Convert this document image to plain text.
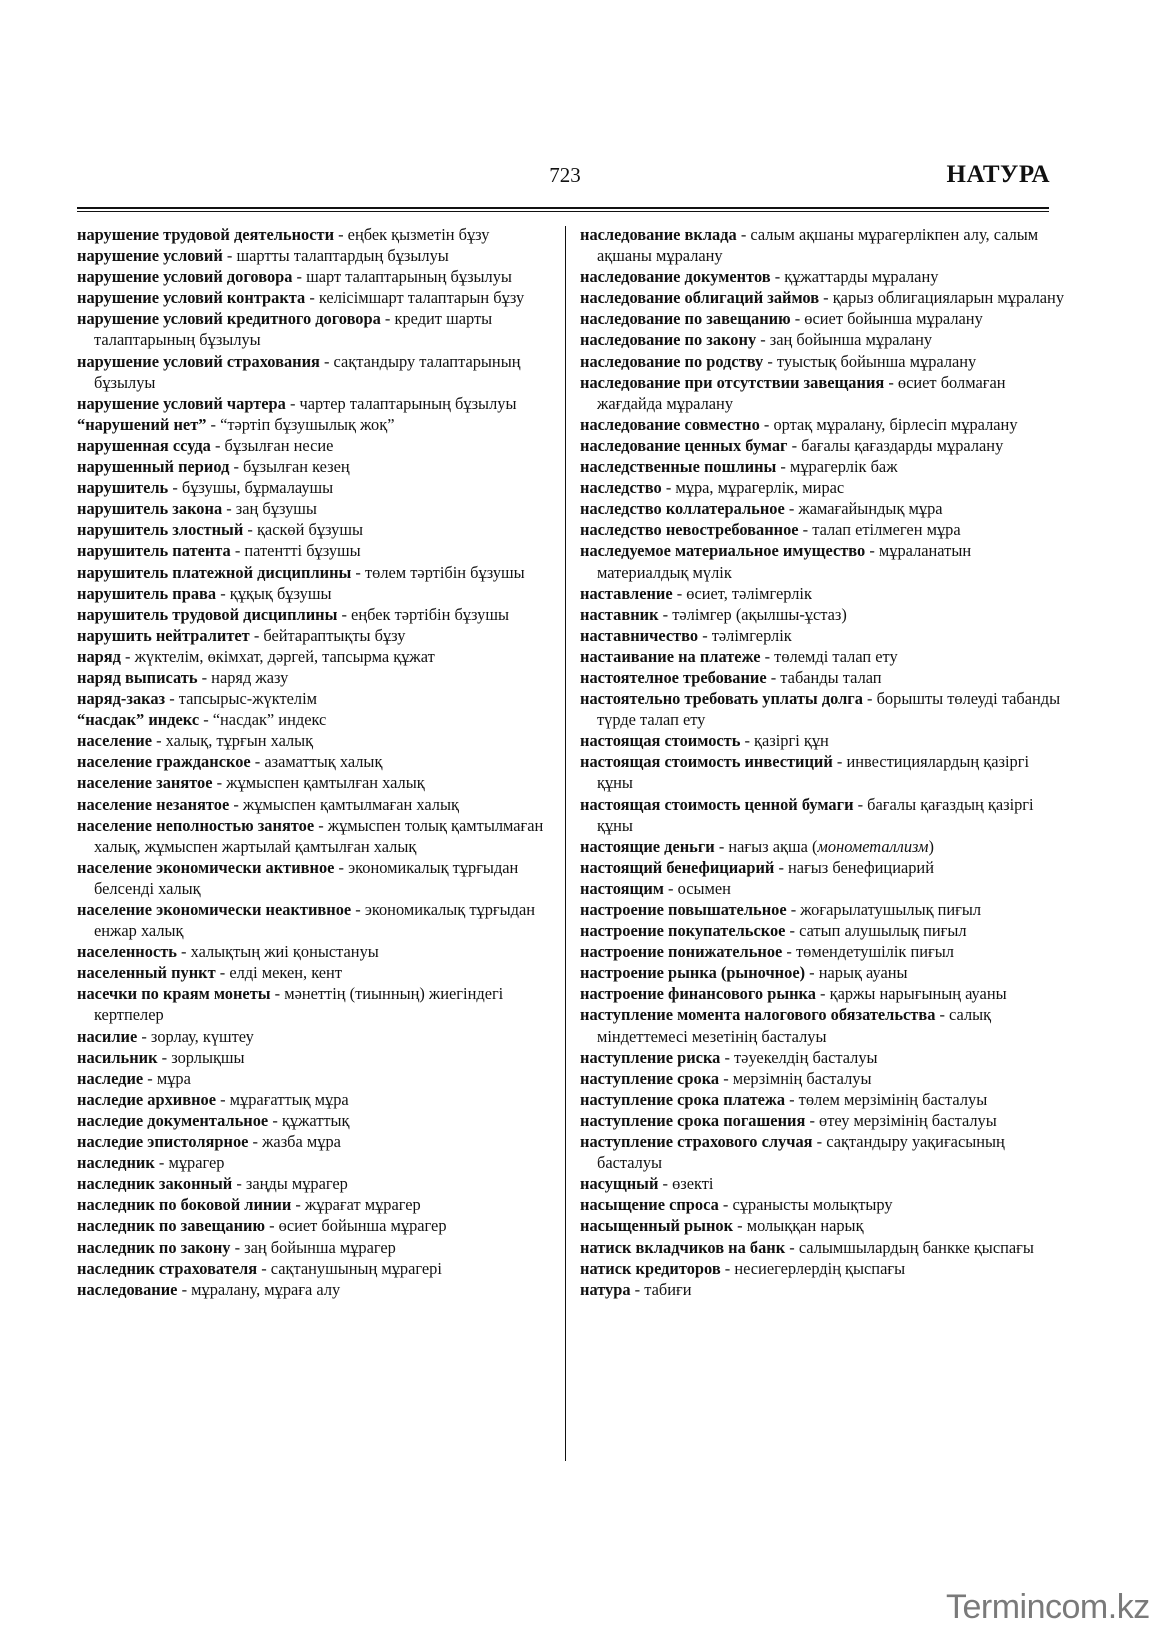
723	НАТУРА
нарушение трудовой деятельности - еңбек қызметін бұзу
нарушение условий - шартты талаптардың бұзылуы
нарушение условий договора - шарт талаптарының бұзылуы
нарушение условий контракта - келісімшарт талаптарын бұзу
нарушение условий кредитного договора - кредит шарты талаптарының бұзылуы
нарушение условий страхования - сақтандыру талаптарының бұзылуы
нарушение условий чартера - чартер талаптарының бұзылуы
“нарушений нет” - “тәртіп бұзушылық жоқ”
нарушенная ссуда - бұзылған несие
нарушенный период - бұзылған кезең
нарушитель - бұзушы, бұрмалаушы
нарушитель закона - заң бұзушы
нарушитель злостный - қаскөй бұзушы
нарушитель патента - патентті бұзушы
нарушитель платежной дисциплины - төлем тәртібін бұзушы
нарушитель права - құқық бұзушы
нарушитель трудовой дисциплины - еңбек тәртібін бұзушы
нарушить нейтралитет - бейтараптықты бұзу
наряд - жүктелім, өкімхат, дәргей, тапсырма құжат
наряд выписать - наряд жазу
наряд-заказ - тапсырыс-жүктелім
“насдак” индекс - “насдак” индекс
население - халық, тұрғын халық
население гражданское - азаматтық халық
население занятое - жұмыспен қамтылған халық
население незанятое - жұмыспен қамтылмаған халық
население неполностью занятое - жұмыспен толық қамтылмаған халық, жұмыспен жартылай қамтылған халық
население экономически активное - экономикалық тұрғыдан белсенді халық
население экономически неактивное - экономикалық тұрғыдан енжар халық
населенность - халықтың жиі қоныстануы
населенный пункт - елді мекен, кент
насечки по краям монеты - мәнеттің (тиынның) жиегіндегі кертпелер
насилие - зорлау, күштеу
насильник - зорлықшы
наследие - мұра
наследие архивное - мұрағаттық мұра
наследие документальное - құжаттық
наследие эпистолярное - жазба мұра
наследник - мұрагер
наследник законный - заңды мұрагер
наследник по боковой линии - жұрағат мұрагер
наследник по завещанию - өсиет бойынша мұрагер
наследник по закону - заң бойынша мұрагер
наследник страхователя - сақтанушының мұрагері
наследование - мұралану, мұраға алу
наследование вклада - салым ақшаны мұрагерлікпен алу, салым ақшаны мұралану
наследование документов - құжаттарды мұралану
наследование облигаций займов - қарыз облигацияларын мұралану
наследование по завещанию - өсиет бойынша мұралану
наследование по закону - заң бойынша мұралану
наследование по родству - туыстық бойынша мұралану
наследование при отсутствии завещания - өсиет болмаған жағдайда мұралану
наследование совместно - ортақ мұралану, бірлесіп мұралану
наследование ценных бумаг - бағалы қағаздарды мұралану
наследственные пошлины - мұрагерлік баж
наследство - мұра, мұрагерлік, мирас
наследство коллатеральное - жамағайындық мұра
наследство невостребованное - талап етілмеген мұра
наследуемое материальное имущество - мұраланатын материалдық мүлік
наставление - өсиет, тәлімгерлік
наставник - тәлімгер (ақылшы-ұстаз)
наставничество - тәлімгерлік
настаивание на платеже - төлемді талап ету
настоятелное требование - табанды талап
настоятельно требовать уплаты долга - борышты төлеуді табанды түрде талап ету
настоящая стоимость - қазіргі құн
настоящая стоимость инвестиций - инвестициялардың қазіргі құны
настоящая стоимость ценной бумаги - бағалы қағаздың қазіргі құны
настоящие деньги - нағыз ақша (монометаллизм)
настоящий бенефициарий - нағыз бенефициарий
настоящим - осымен
настроение повышательное - жоғарылатушылық пиғыл
настроение покупательское - сатып алушылық пиғыл
настроение понижательное - төмендетушілік пиғыл
настроение рынка (рыночное) - нарық ауаны
настроение финансового рынка - қаржы нарығының ауаны
наступление момента налогового обязательства - салық міндеттемесі мезетінің басталуы
наступление риска - тәуекелдің басталуы
наступление срока - мерзімнің басталуы
наступление срока платежа - төлем мерзімінің басталуы
наступление срока погашения - өтеу мерзімінің басталуы
наступление страхового случая - сақтандыру уақиғасының басталуы
насущный - өзекті
насыщение спроса - сұранысты молықтыру
насыщенный рынок - молыққан нарық
натиск вкладчиков на банк - салымшылардың банкке қыспағы
натиск кредиторов - несиегерлердің қыспағы
натура - табиғи
Termincom.kz
